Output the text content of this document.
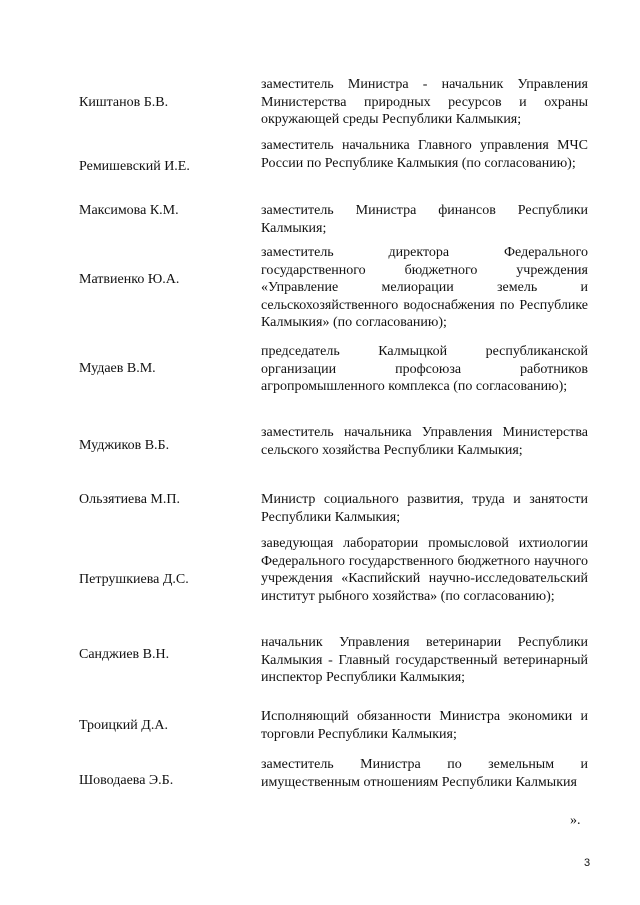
Киштанов Б.В.
заместитель Министра - начальник Управления Министерства природных ресурсов и охраны окружающей среды Республики Калмыкия;
Ремишевский И.Е.
заместитель начальника Главного управления МЧС России по Республике Калмыкия (по согласованию);
Максимова К.М.	заместитель Министра финансов Республики Калмыкия;
Матвиенко Ю.А.
заместитель директора Федерального государственного бюджетного учреждения «Управление мелиорации земель и сельскохозяйственного водоснабжения по Республике Калмыкия» (по согласованию);
Мудаев В.М.
председатель Калмыцкой республиканской организации профсоюза работников агропромышленного комплекса (по согласованию);
Муджиков В.Б.
заместитель начальника Управления Министерства сельского хозяйства Республики Калмыкия;
Ользятиева М.П.	Министр социального развития, труда и занятости Республики Калмыкия;
Петрушкиева Д.С.
заведующая лаборатории промысловой ихтиологии Федерального государственного бюджетного научного учреждения «Каспийский научно-исследовательский институт рыбного хозяйства» (по согласованию);
Санджиев В.Н.
начальник Управления ветеринарии Республики Калмыкия - Главный государственный ветеринарный инспектор Республики Калмыкия;
Троицкий Д.А.
Исполняющий обязанности Министра экономики и торговли Республики Калмыкия;
Шоводаева Э.Б.
заместитель Министра по земельным и имущественным отношениям Республики Калмыкия
».
3
